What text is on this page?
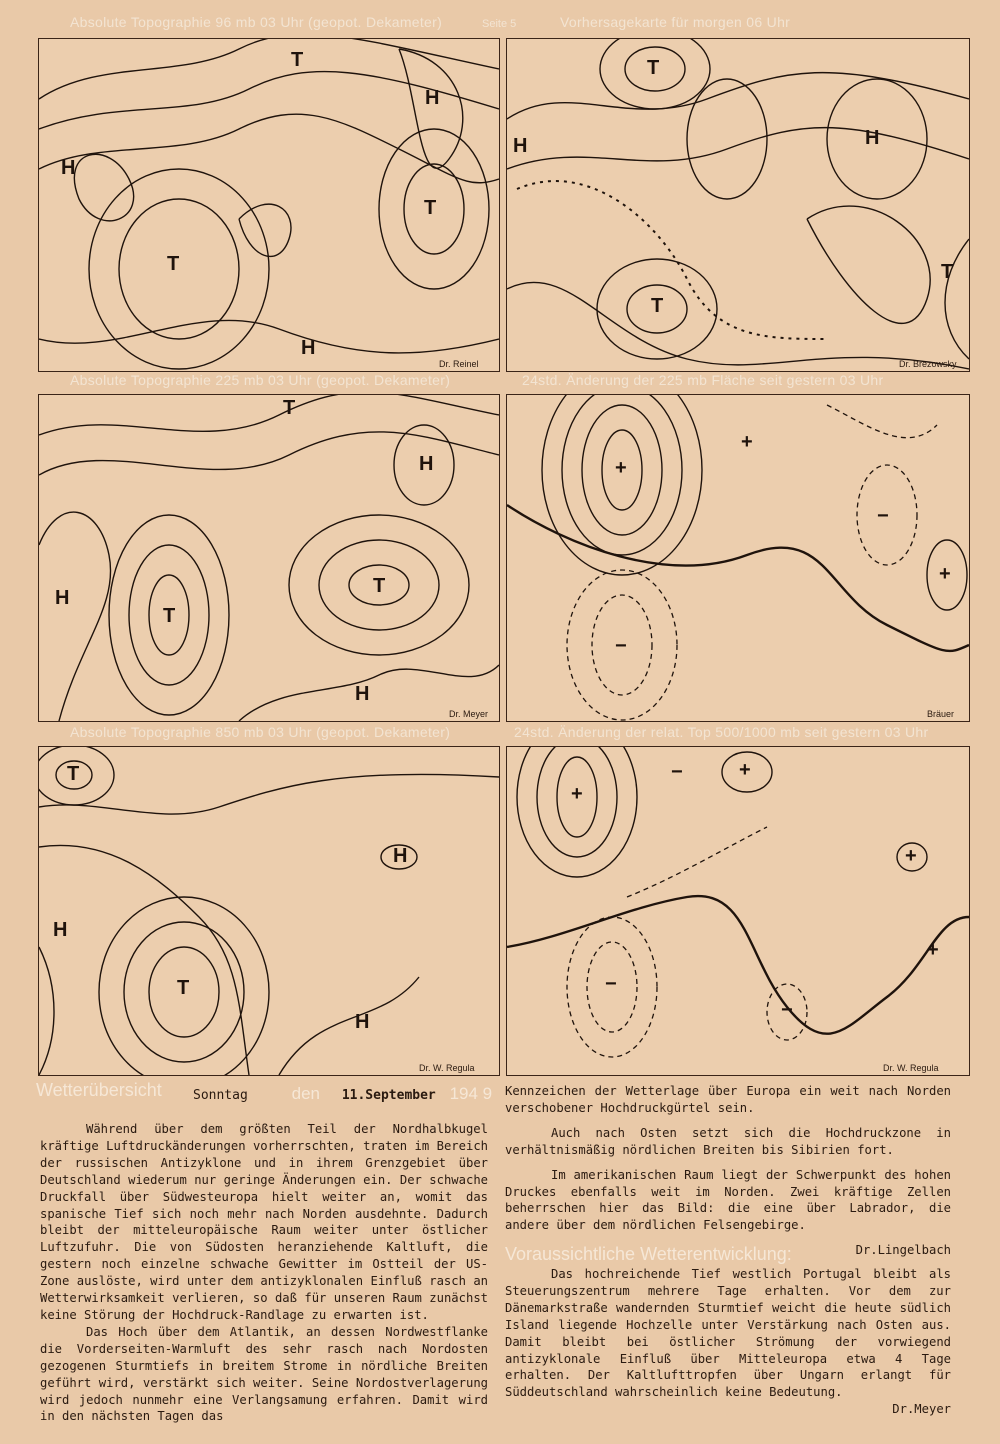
Absolute Topographie 96 mb 03 Uhr (geopot. Dekameter)	Seite 5
T
H
H
T
T
H
Dr. Reinel
Vorhersagekarte für morgen 06 Uhr
T
H
H
T
T
Dr. Brezowsky
Absolute Topographie 225 mb 03 Uhr (geopot. Dekameter)
T
H
H
T
T
H
Dr. Meyer
24std. Änderung der 225 mb Fläche seit gestern 03 Uhr
+
+
+
−
−
Bräuer
Absolute Topographie 850 mb 03 Uhr (geopot. Dekameter)
T
H
H
T
H
Dr. W. Regula
24std. Änderung der relat. Top 500/1000 mb seit gestern 03 Uhr
+
+
+
+
−
−
−
Dr. W. Regula
Wetterübersicht Sonntag	den 11.September 194 9

Während über dem größten Teil der Nordhalbkugel kräftige Luftdruckänderungen vorherrschten, traten im Bereich der russischen Antizyklone und in ihrem Grenzgebiet über Deutschland wiederum nur geringe Änderungen ein. Der schwache Druckfall über Südwesteuropa hielt weiter an, womit das spanische Tief sich noch mehr nach Norden ausdehnte. Dadurch bleibt der mitteleuropäische Raum weiter unter östlicher Luftzufuhr. Die von Südosten heranziehende Kaltluft, die gestern noch einzelne schwache Gewitter im Ostteil der US-Zone auslöste, wird unter dem antizyklonalen Einfluß rasch an Wetterwirksamkeit verlieren, so daß für unseren Raum zunächst keine Störung der Hochdruck-Randlage zu erwarten ist.

Das Hoch über dem Atlantik, an dessen Nordwestflanke die Vorderseiten-Warmluft des sehr rasch nach Nordosten gezogenen Sturmtiefs in breitem Strome in nördliche Breiten geführt wird, verstärkt sich weiter. Seine Nordostverlagerung wird jedoch nunmehr eine Verlangsamung erfahren. Damit wird in den nächsten Tagen das

Kennzeichen der Wetterlage über Europa ein weit nach Norden verschobener Hochdruckgürtel sein.

Auch nach Osten setzt sich die Hochdruckzone in verhältnismäßig nördlichen Breiten bis Sibirien fort.

Im amerikanischen Raum liegt der Schwerpunkt des hohen Druckes ebenfalls weit im Norden. Zwei kräftige Zellen beherrschen hier das Bild: die eine über Labrador, die andere über dem nördlichen Felsengebirge.

Dr.Lingelbach

Voraussichtliche Wetterentwicklung:

Das hochreichende Tief westlich Portugal bleibt als Steuerungszentrum mehrere Tage erhalten. Vor dem zur Dänemarkstraße wandernden Sturmtief weicht die heute südlich Island liegende Hochzelle unter Verstärkung nach Osten aus. Damit bleibt bei östlicher Strömung der vorwiegend antizyklonale Einfluß über Mitteleuropa etwa 4 Tage erhalten. Der Kaltlufttropfen über Ungarn erlangt für Süddeutschland wahrscheinlich keine Bedeutung.

Dr.Meyer
